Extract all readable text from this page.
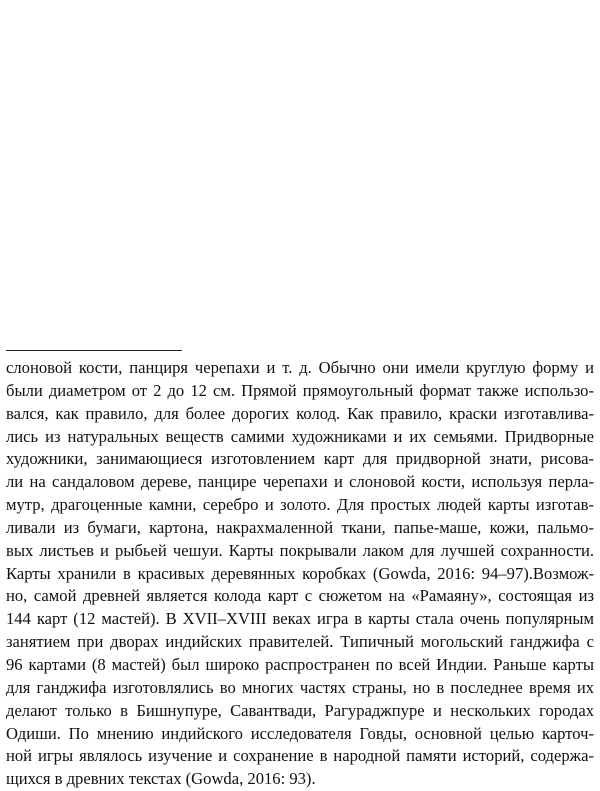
слоновой кости, панциря черепахи и т. д. Обычно они имели круглую форму и
были диаметром от 2 до 12 см. Прямой прямоугольный формат также использо-
вался, как правило, для более дорогих колод. Как правило, краски изготавлива-
лись из натуральных веществ самими художниками и их семьями. Придворные
художники, занимающиеся изготовлением карт для придворной знати, рисова-
ли на сандаловом дереве, панцире черепахи и слоновой кости, используя перла-
мутр, драгоценные камни, серебро и золото. Для простых людей карты изготав-
ливали из бумаги, картона, накрахмаленной ткани, папье-маше, кожи, пальмо-
вых листьев и рыбьей чешуи. Карты покрывали лаком для лучшей сохранности.
Карты хранили в красивых деревянных коробках (Gowda, 2016: 94–97).Возмож-
но, самой древней является колода карт с сюжетом на «Рамаяну», состоящая из
144 карт (12 мастей). В XVII–XVIII веках игра в карты стала очень популярным
занятием при дворах индийских правителей. Типичный могольский ганджифа с
96 картами (8 мастей) был широко распространен по всей Индии. Раньше карты
для ганджифа изготовлялись во многих частях страны, но в последнее время их
делают только в Бишнупуре, Савантвади, Рагураджпуре и нескольких городах
Одиши. По мнению индийского исследователя Говды, основной целью карточ-
ной игры являлось изучение и сохранение в народной памяти историй, содержа-
щихся в древних текстах (Gowda, 2016: 93).
